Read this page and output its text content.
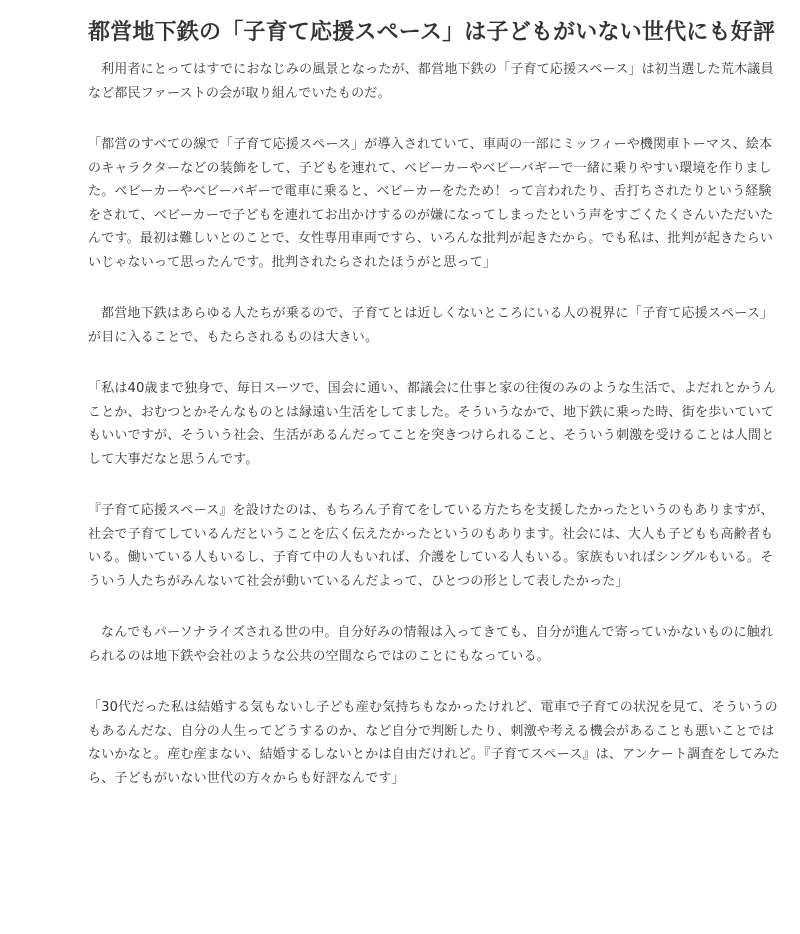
都営地下鉄の「子育て応援スペース」は子どもがいない世代にも好評

利用者にとってはすでにおなじみの風景となったが、都営地下鉄の「子育て応援スペース」は初当選した荒木議員など都民ファーストの会が取り組んでいたものだ。

「都営のすべての線で「子育て応援スペース」が導入されていて、車両の一部にミッフィーや機関車トーマス、絵本のキャラクターなどの装飾をして、子どもを連れて、ベビーカーやベビーバギーで一緒に乗りやすい環境を作りました。ベビーカーやベビーバギーで電車に乗ると、ベビーカーをたため！って言われたり、舌打ちされたりという経験をされて、ベビーカーで子どもを連れてお出かけするのが嫌になってしまったという声をすごくたくさんいただいたんです。最初は難しいとのことで、女性専用車両ですら、いろんな批判が起きたから。でも私は、批判が起きたらいいじゃないって思ったんです。批判されたらされたほうがと思って」

都営地下鉄はあらゆる人たちが乗るので、子育てとは近しくないところにいる人の視界に「子育て応援スペース」が目に入ることで、もたらされるものは大きい。

「私は40歳まで独身で、毎日スーツで、国会に通い、都議会に仕事と家の往復のみのような生活で、よだれとかうんことか、おむつとかそんなものとは縁遠い生活をしてました。そういうなかで、地下鉄に乗った時、街を歩いていてもいいですが、そういう社会、生活があるんだってことを突きつけられること、そういう刺激を受けることは人間として大事だなと思うんです。

『子育て応援スペース』を設けたのは、もちろん子育てをしている方たちを支援したかったというのもありますが、社会で子育てしているんだということを広く伝えたかったというのもあります。社会には、大人も子どもも高齢者もいる。働いている人もいるし、子育て中の人もいれば、介護をしている人もいる。家族もいればシングルもいる。そういう人たちがみんないて社会が動いているんだよって、ひとつの形として表したかった」

なんでもパーソナライズされる世の中。自分好みの情報は入ってきても、自分が進んで寄っていかないものに触れられるのは地下鉄や会社のような公共の空間ならではのことにもなっている。

「30代だった私は結婚する気もないし子ども産む気持ちもなかったけれど、電車で子育ての状況を見て、そういうのもあるんだな、自分の人生ってどうするのか、など自分で判断したり、刺激や考える機会があることも悪いことではないかなと。産む産まない、結婚するしないとかは自由だけれど。『子育てスペース』は、アンケート調査をしてみたら、子どもがいない世代の方々からも好評なんです」
